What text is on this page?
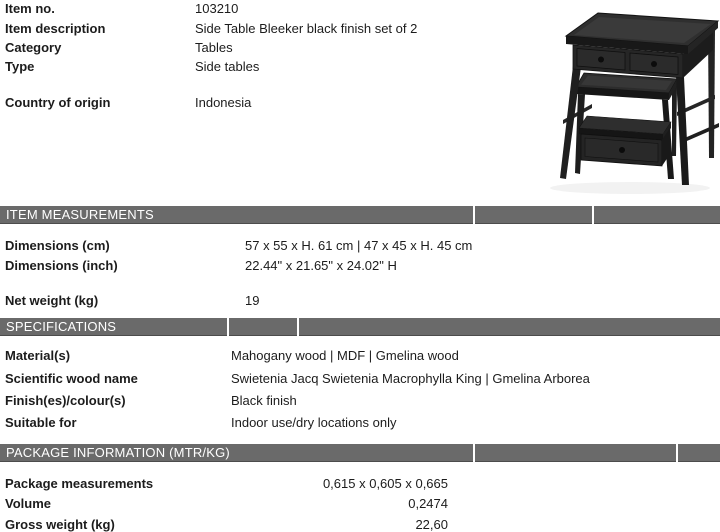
Item no.	103210
Item description	Side Table Bleeker black finish set of 2
Category	Tables
Type	Side tables
Country of origin	Indonesia
ITEM MEASUREMENTS
Dimensions (cm)	57 x 55 x H. 61 cm | 47 x 45 x H. 45 cm
Dimensions (inch)	22.44" x 21.65" x 24.02" H
Net weight (kg)	19
SPECIFICATIONS
Material(s)	Mahogany wood | MDF | Gmelina wood
Scientific wood name	Swietenia Jacq Swietenia Macrophylla King | Gmelina Arborea
Finish(es)/colour(s)	Black finish
Suitable for	Indoor use/dry locations only
PACKAGE INFORMATION (MTR/KG)
Package measurements	0,615 x 0,605 x 0,665
Volume	0,2474
Gross weight (kg)	22,60
